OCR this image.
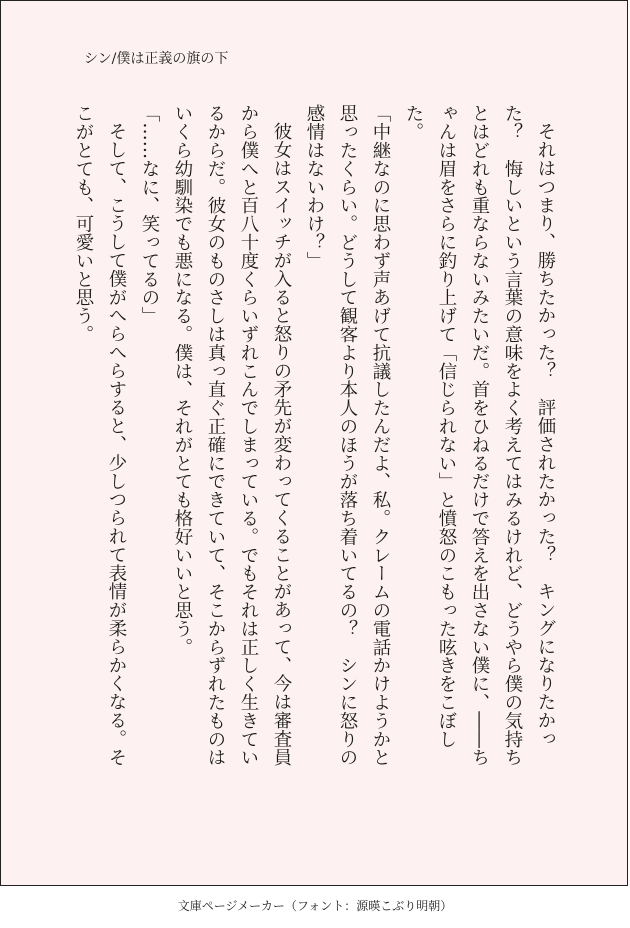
シン/僕は正義の旗の下

それはつまり、勝ちたかった？　評価されたかった？　キングになりたかった？　悔しいという言葉の意味をよく考えてはみるけれど、どうやら僕の気持ちとはどれも重ならないみたいだ。首をひねるだけで答えを出さない僕に、――ちゃんは眉をさらに釣り上げて「信じられない」と憤怒のこもった呟きをこぼした。

「中継なのに思わず声あげて抗議したんだよ、私。クレームの電話かけようかと思ったくらい。どうして観客より本人のほうが落ち着いてるの？　シンに怒りの感情はないわけ？」

彼女はスイッチが入ると怒りの矛先が変わってくることがあって、今は審査員から僕へと百八十度くらいずれこんでしまっている。でもそれは正しく生きているからだ。彼女のものさしは真っ直ぐ正確にできていて、そこからずれたものはいくら幼馴染でも悪になる。僕は、それがとても格好いいと思う。

「……なに、笑ってるの」

そして、こうして僕がへらへらすると、少しつられて表情が柔らかくなる。そこがとても、可愛いと思う。

文庫ページメーカー（フォント：源暎こぶり明朝）
